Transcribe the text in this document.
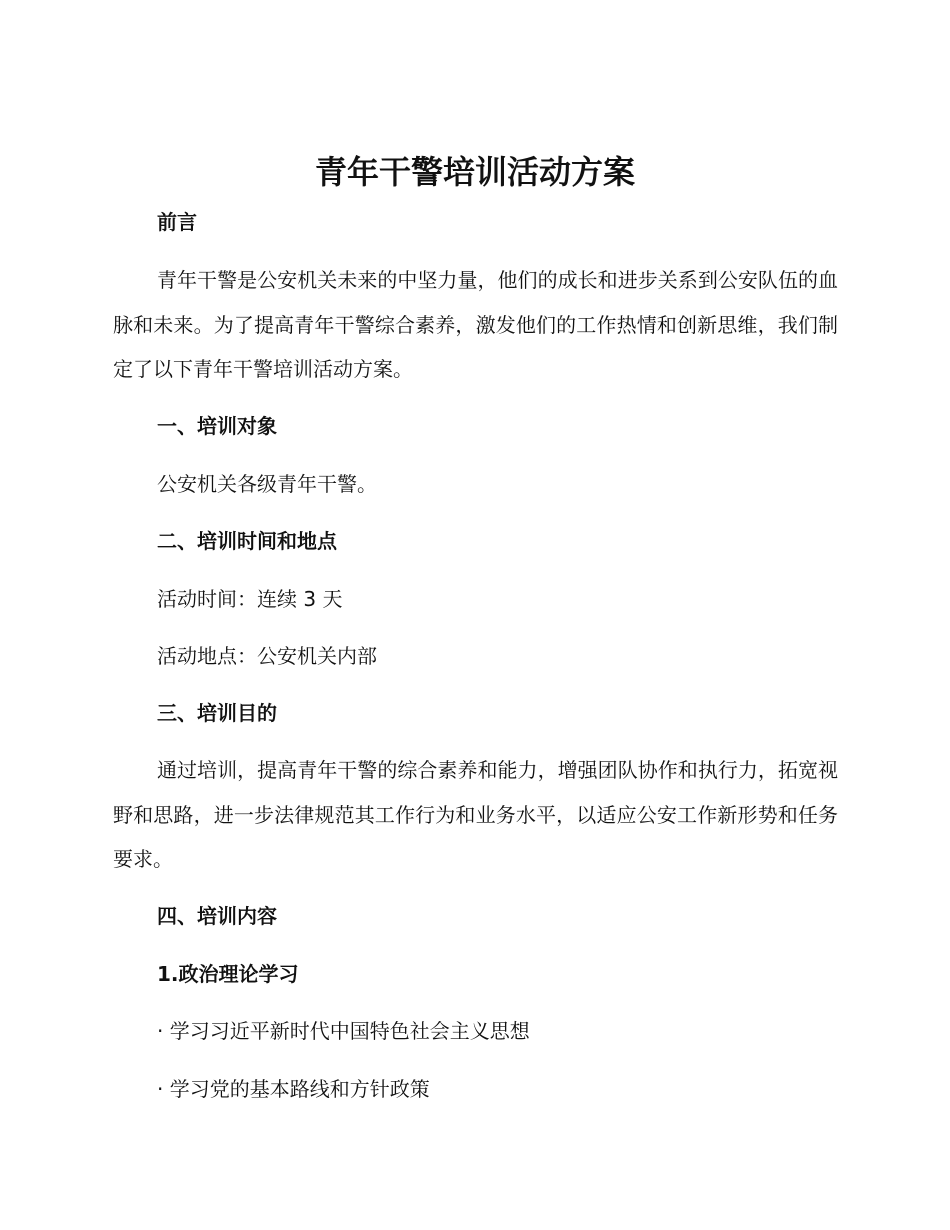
青年干警培训活动方案
前言
青年干警是公安机关未来的中坚力量，他们的成长和进步关系到公安队伍的血脉和未来。为了提高青年干警综合素养，激发他们的工作热情和创新思维，我们制定了以下青年干警培训活动方案。
一、培训对象
公安机关各级青年干警。
二、培训时间和地点
活动时间：连续 3 天
活动地点：公安机关内部
三、培训目的
通过培训，提高青年干警的综合素养和能力，增强团队协作和执行力，拓宽视野和思路，进一步法律规范其工作行为和业务水平，以适应公安工作新形势和任务要求。
四、培训内容
1.政治理论学习
· 学习习近平新时代中国特色社会主义思想
· 学习党的基本路线和方针政策
